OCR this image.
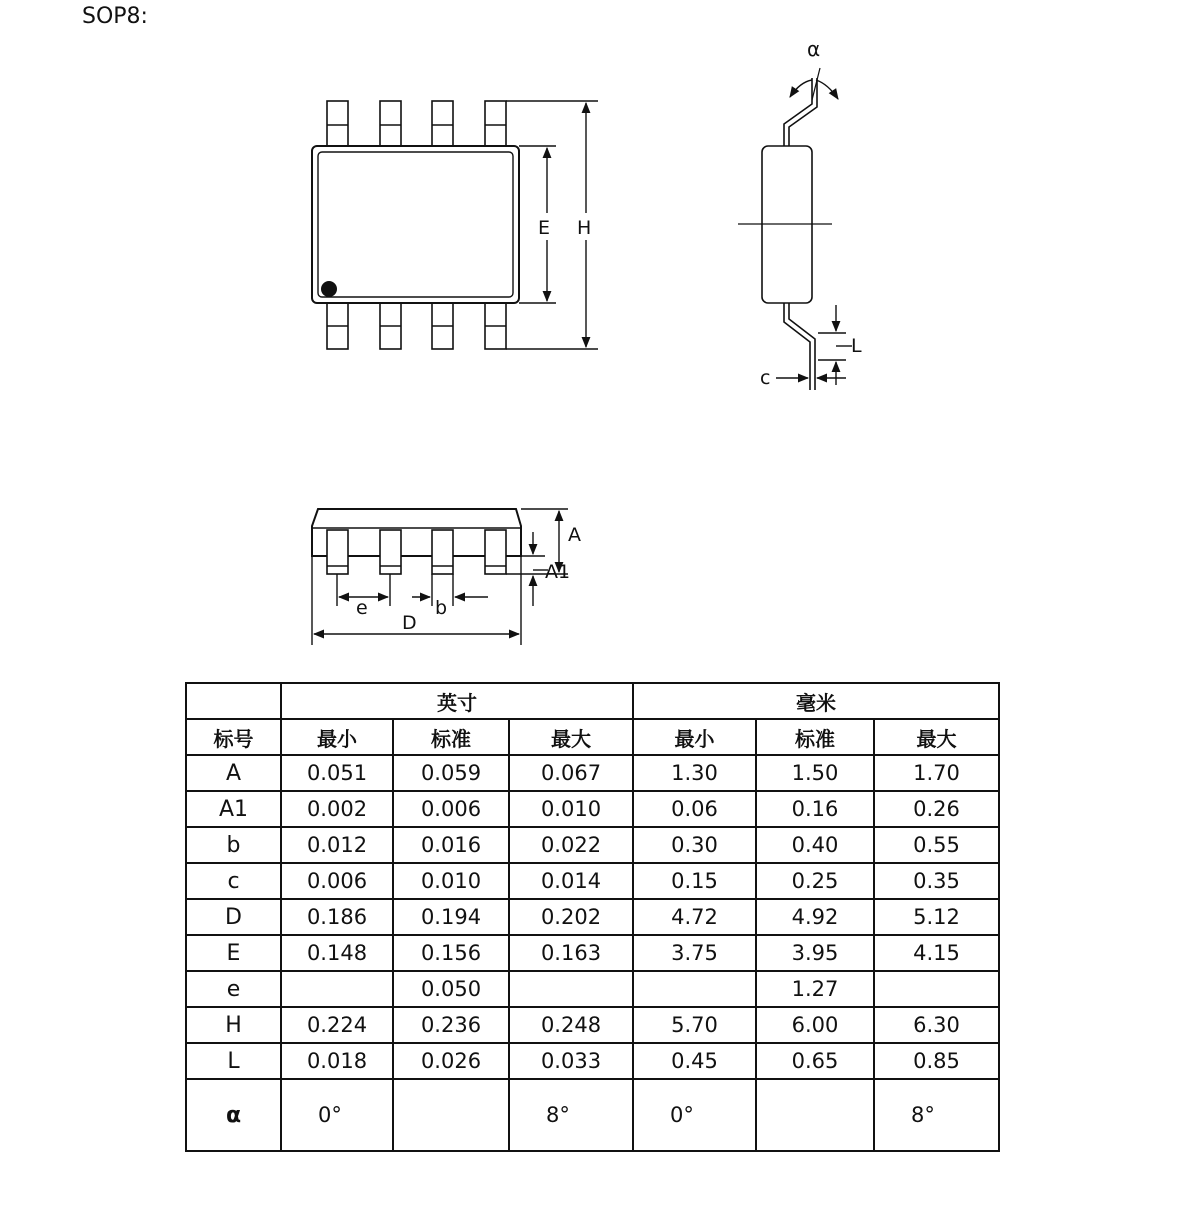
SOP8:
E H
α
L
c
A
A1
e	b
D
	英寸			毫米		
标号	最小	标准	最大	最小	标准	最大
A	0.051	0.059	0.067	1.30	1.50	1.70
A1	0.002	0.006	0.010	0.06	0.16	0.26
b	0.012	0.016	0.022	0.30	0.40	0.55
c	0.006	0.010	0.014	0.15	0.25	0.35
D	0.186	0.194	0.202	4.72	4.92	5.12
E	0.148	0.156	0.163	3.75	3.95	4.15
e		0.050			1.27	
H	0.224	0.236	0.248	5.70	6.00	6.30
L	0.018	0.026	0.033	0.45	0.65	0.85
α	0°		8°	0°		8°
